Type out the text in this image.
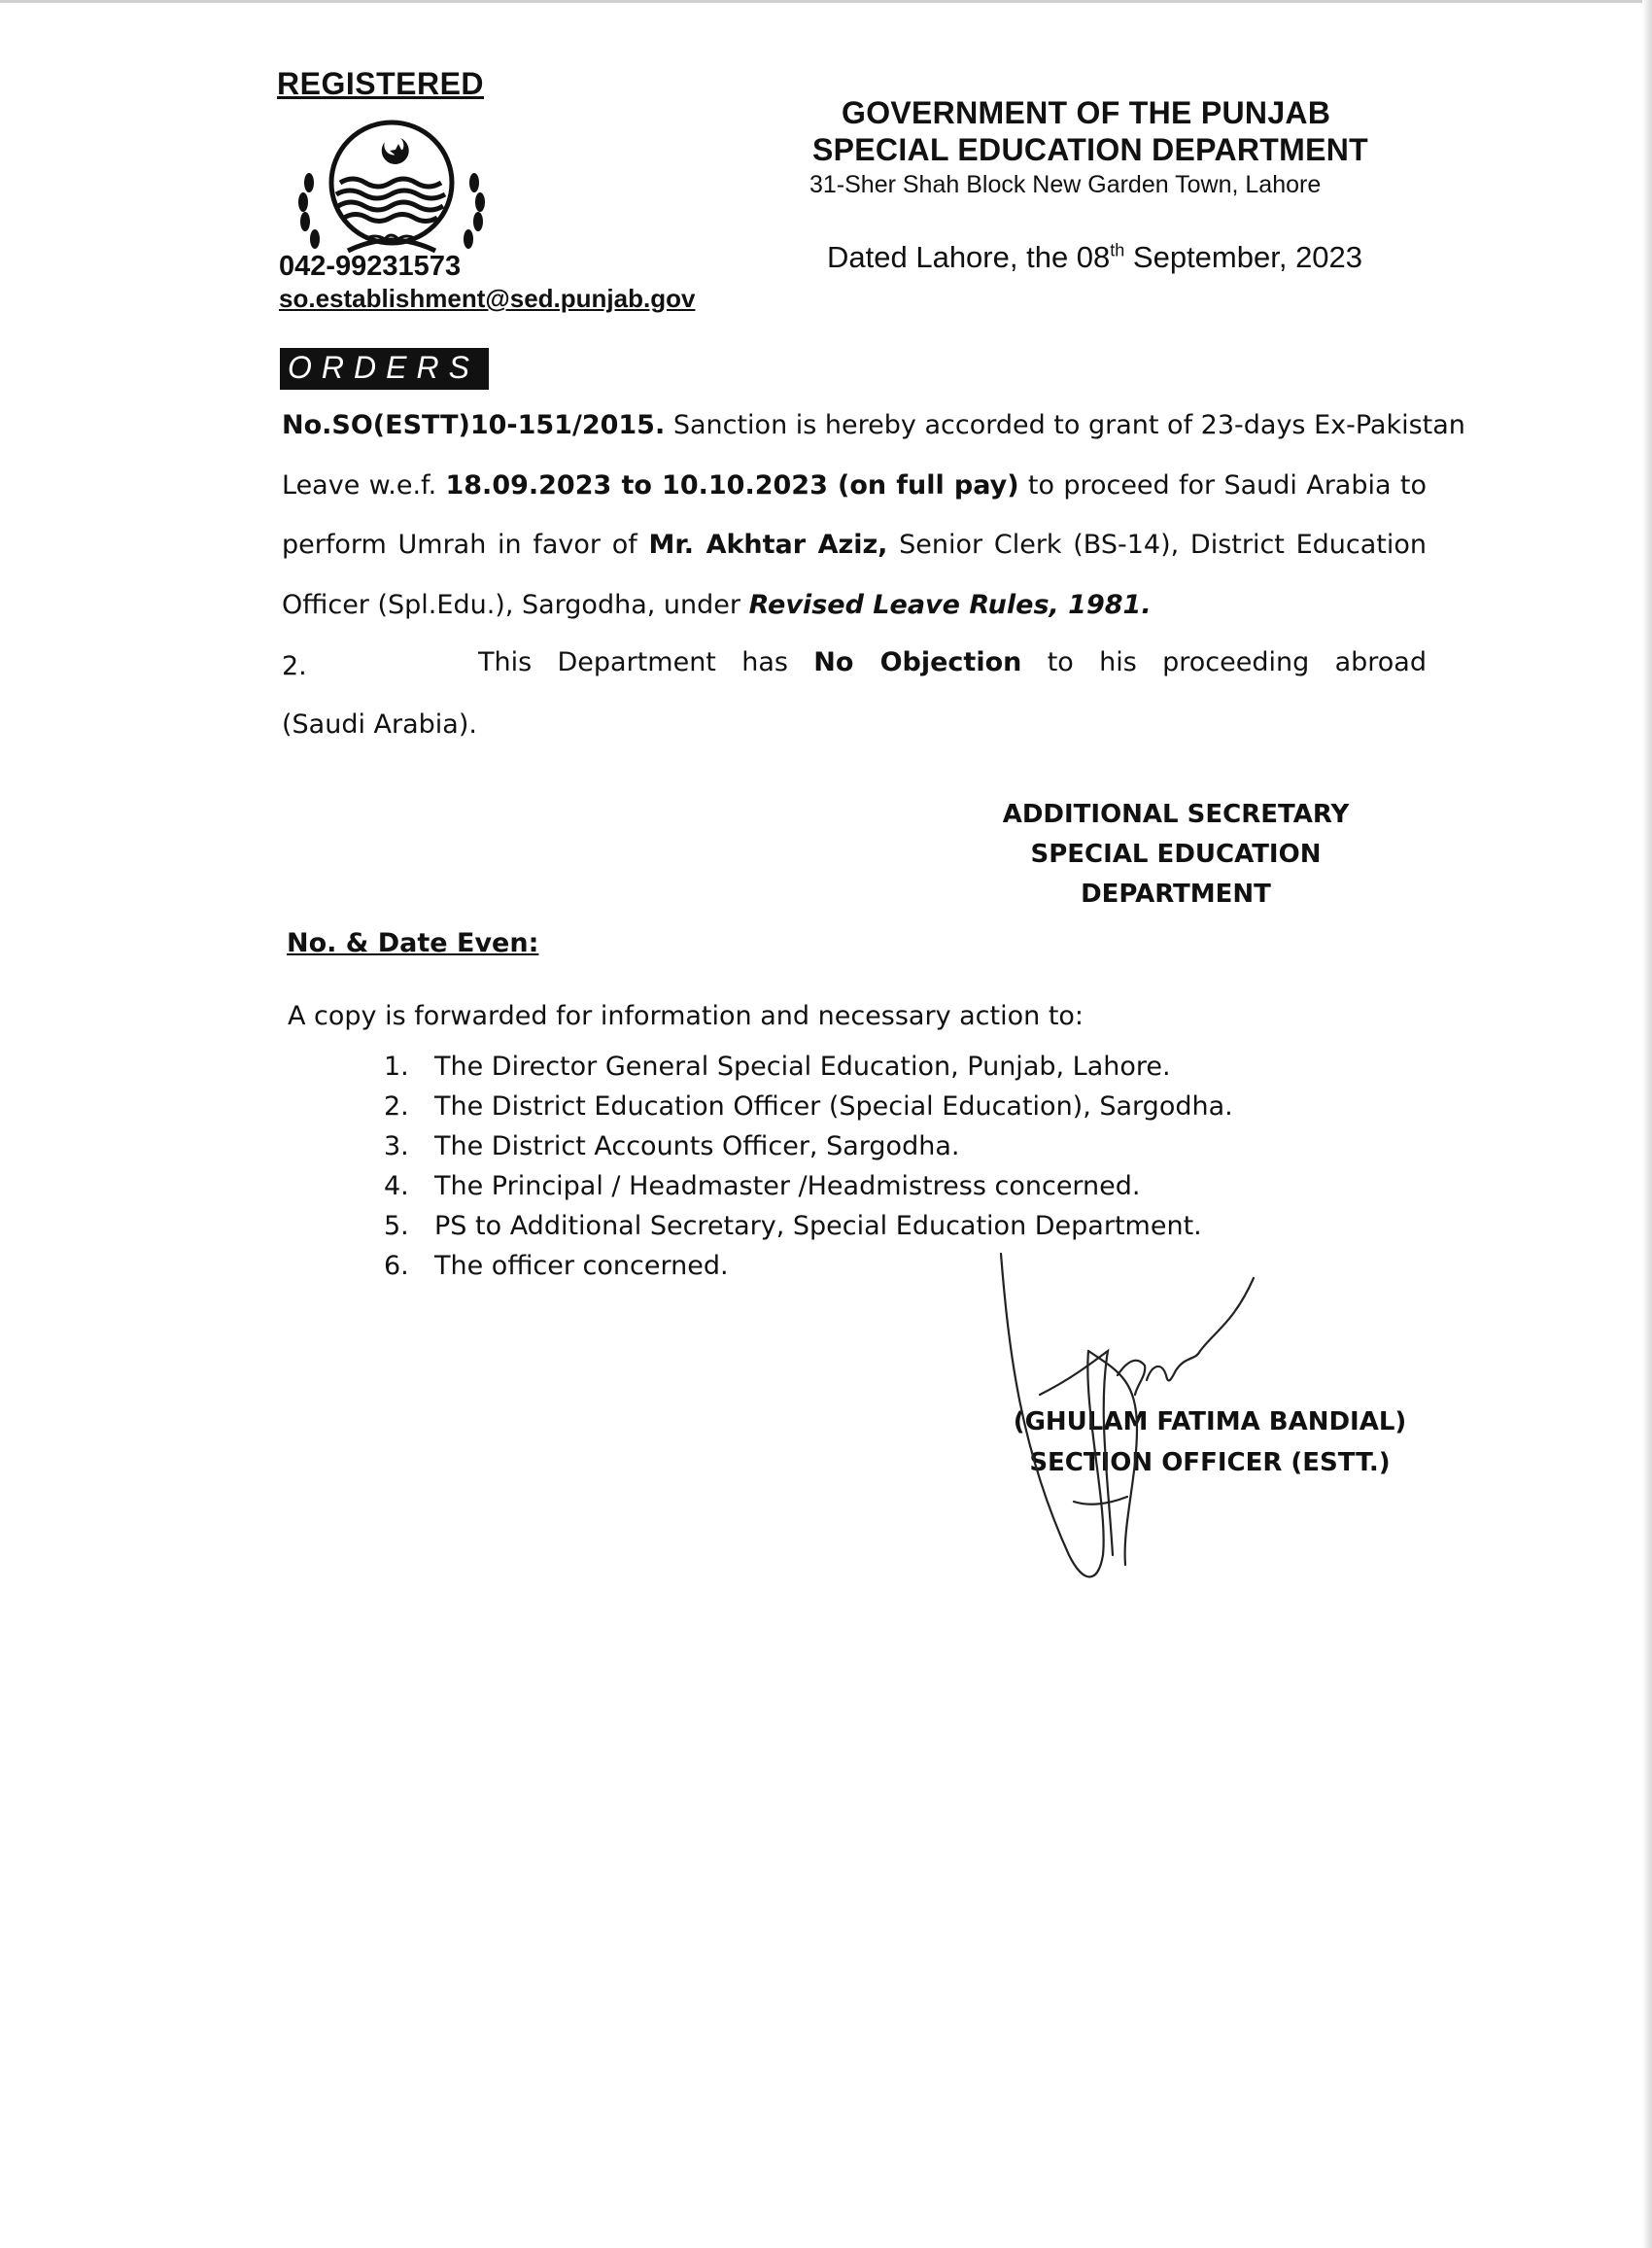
REGISTERED
042-99231573
so.establishment@sed.punjab.gov
GOVERNMENT OF THE PUNJAB
SPECIAL EDUCATION DEPARTMENT
31-Sher Shah Block New Garden Town, Lahore
Dated Lahore, the 08th September, 2023
ORDERS
No.SO(ESTT)10-151/2015. Sanction is hereby accorded to grant of 23-days Ex-Pakistan
Leave w.e.f. 18.09.2023 to 10.10.2023 (on full pay) to proceed for Saudi Arabia to
perform Umrah in favor of Mr. Akhtar Aziz, Senior Clerk (BS-14), District Education
Officer (Spl.Edu.), Sargodha, under Revised Leave Rules, 1981.
2.	This Department has No Objection to his proceeding abroad
(Saudi Arabia).
ADDITIONAL SECRETARY
SPECIAL EDUCATION
DEPARTMENT
No. & Date Even:
A copy is forwarded for information and necessary action to:
1. The Director General Special Education, Punjab, Lahore.
2. The District Education Officer (Special Education), Sargodha.
3. The District Accounts Officer, Sargodha.
4. The Principal / Headmaster /Headmistress concerned.
5. PS to Additional Secretary, Special Education Department.
6. The officer concerned.
(GHULAM FATIMA BANDIAL)
SECTION OFFICER (ESTT.)
